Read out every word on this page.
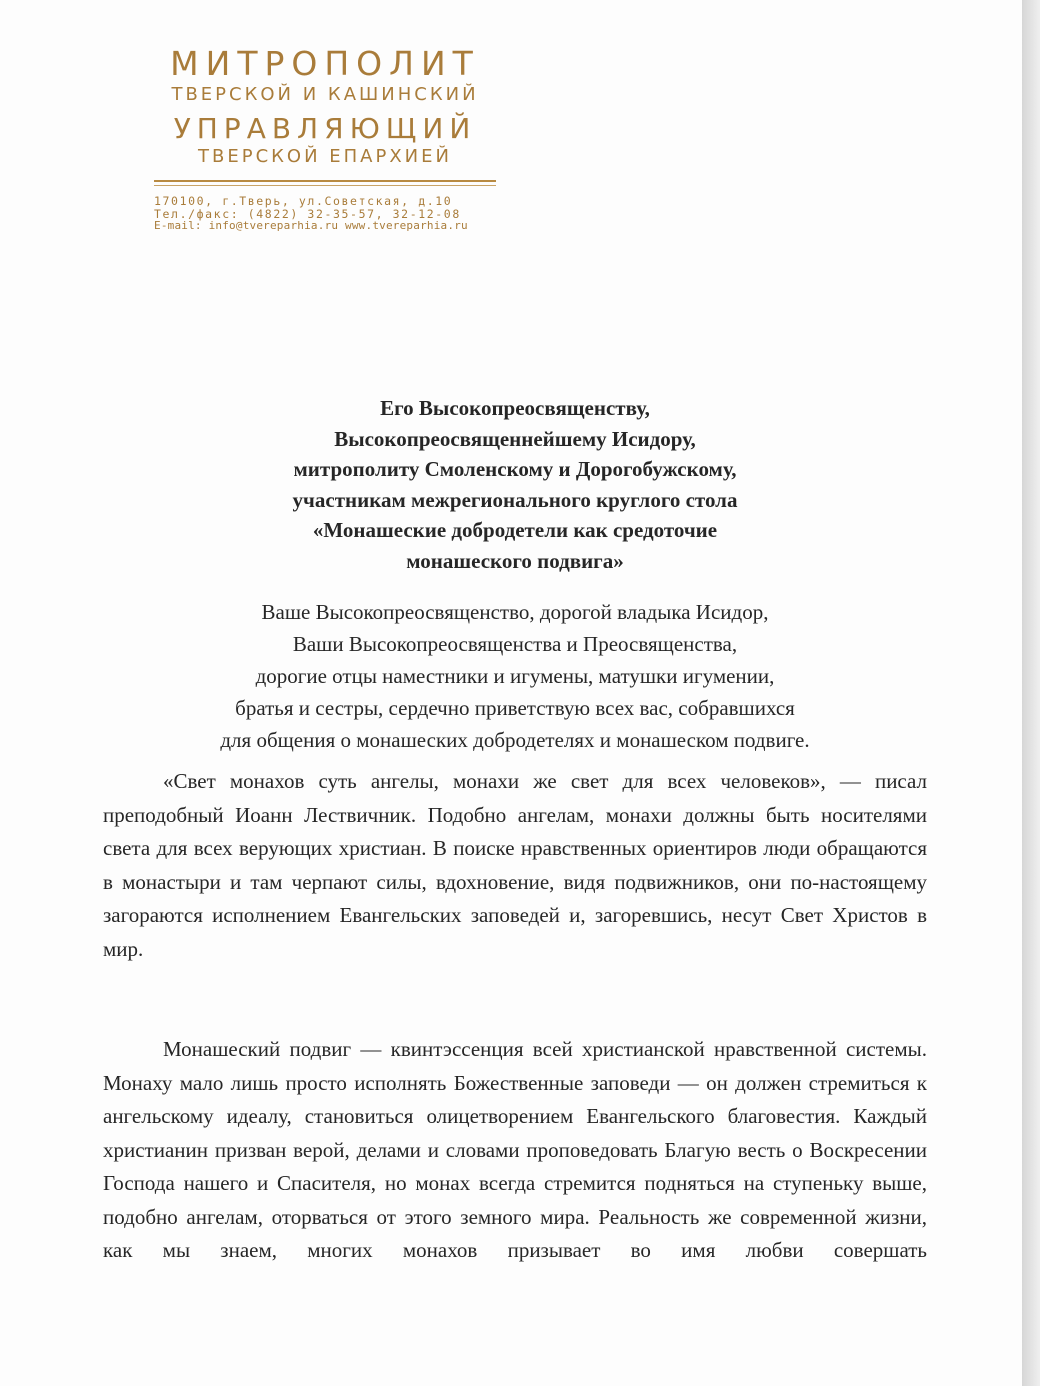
МИТРОПОЛИТ
ТВЕРСКОЙ И КАШИНСКИЙ
УПРАВЛЯЮЩИЙ
ТВЕРСКОЙ ЕПАРХИЕЙ
170100, г.Тверь, ул.Советская, д.10
Тел./факс: (4822) 32-35-57, 32-12-08
E-mail: info@tvereparhia.ru www.tvereparhia.ru
Его Высокопреосвященству,
Высокопреосвященнейшему Исидору,
митрополиту Смоленскому и Дорогобужскому,
участникам межрегионального круглого стола
«Монашеские добродетели как средоточие
монашеского подвига»
Ваше Высокопреосвященство, дорогой владыка Исидор,
Ваши Высокопреосвященства и Преосвященства,
дорогие отцы наместники и игумены, матушки игумении,
братья и сестры, сердечно приветствую всех вас, собравшихся
для общения о монашеских добродетелях и монашеском подвиге.
«Свет монахов суть ангелы, монахи же свет для всех человеков», — писал преподобный Иоанн Лествичник. Подобно ангелам, монахи должны быть носителями света для всех верующих христиан. В поиске нравственных ориентиров люди обращаются в монастыри и там черпают силы, вдохновение, видя подвижников, они по-настоящему загораются исполнением Евангельских заповедей и, загоревшись, несут Свет Христов в мир.
Монашеский подвиг — квинтэссенция всей христианской нравственной системы. Монаху мало лишь просто исполнять Божественные заповеди — он должен стремиться к ангельскому идеалу, становиться олицетворением Евангельского благовестия. Каждый христианин призван верой, делами и словами проповедовать Благую весть о Воскресении Господа нашего и Спасителя, но монах всегда стремится подняться на ступеньку выше, подобно ангелам, оторваться от этого земного мира. Реальность же современной жизни, как мы знаем, многих монахов призывает во имя любви совершать
